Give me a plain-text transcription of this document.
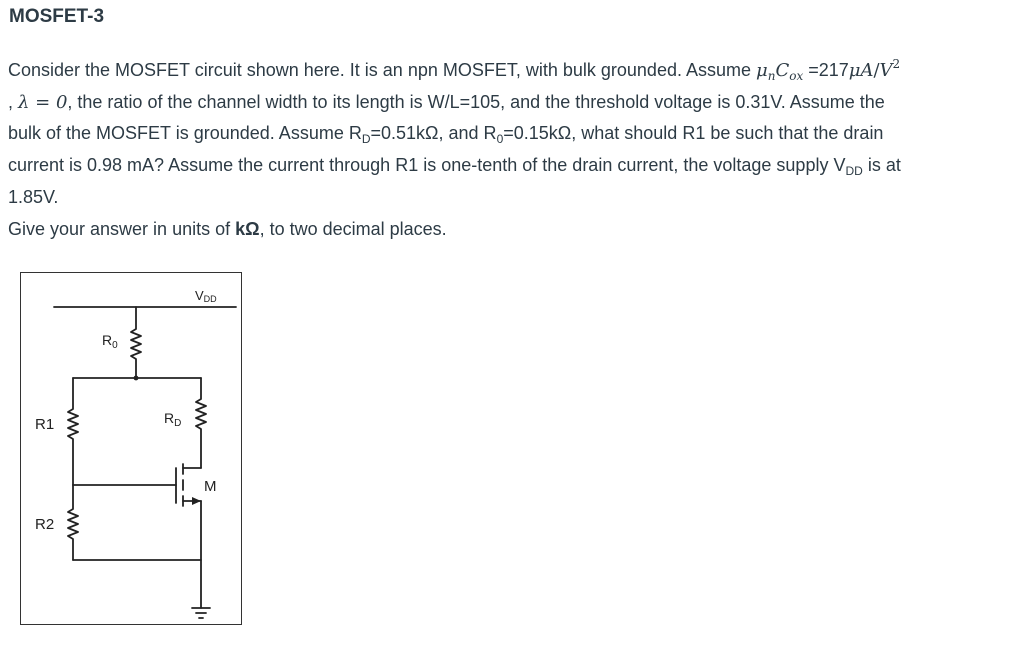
MOSFET-3
Consider the MOSFET circuit shown here. It is an npn MOSFET, with bulk grounded. Assume $\mu_nC_{ox} =217\mu A/V^2$
, λ = 0, the ratio of the channel width to its length is W/L=105, and the threshold voltage is 0.31V. Assume the
bulk of the MOSFET is grounded. Assume $R_D=0.51k\Omega$, and $R_0=0.15k\Omega$, what should R1 be such that the drain
current is 0.98 mA? Assume the current through R1 is one-tenth of the drain current, the voltage supply $V_{DD}$ is at
1.85V.
Give your answer in units of kΩ, to two decimal places.
VDD
$R_0$
$R_D$
R1
R2
M
